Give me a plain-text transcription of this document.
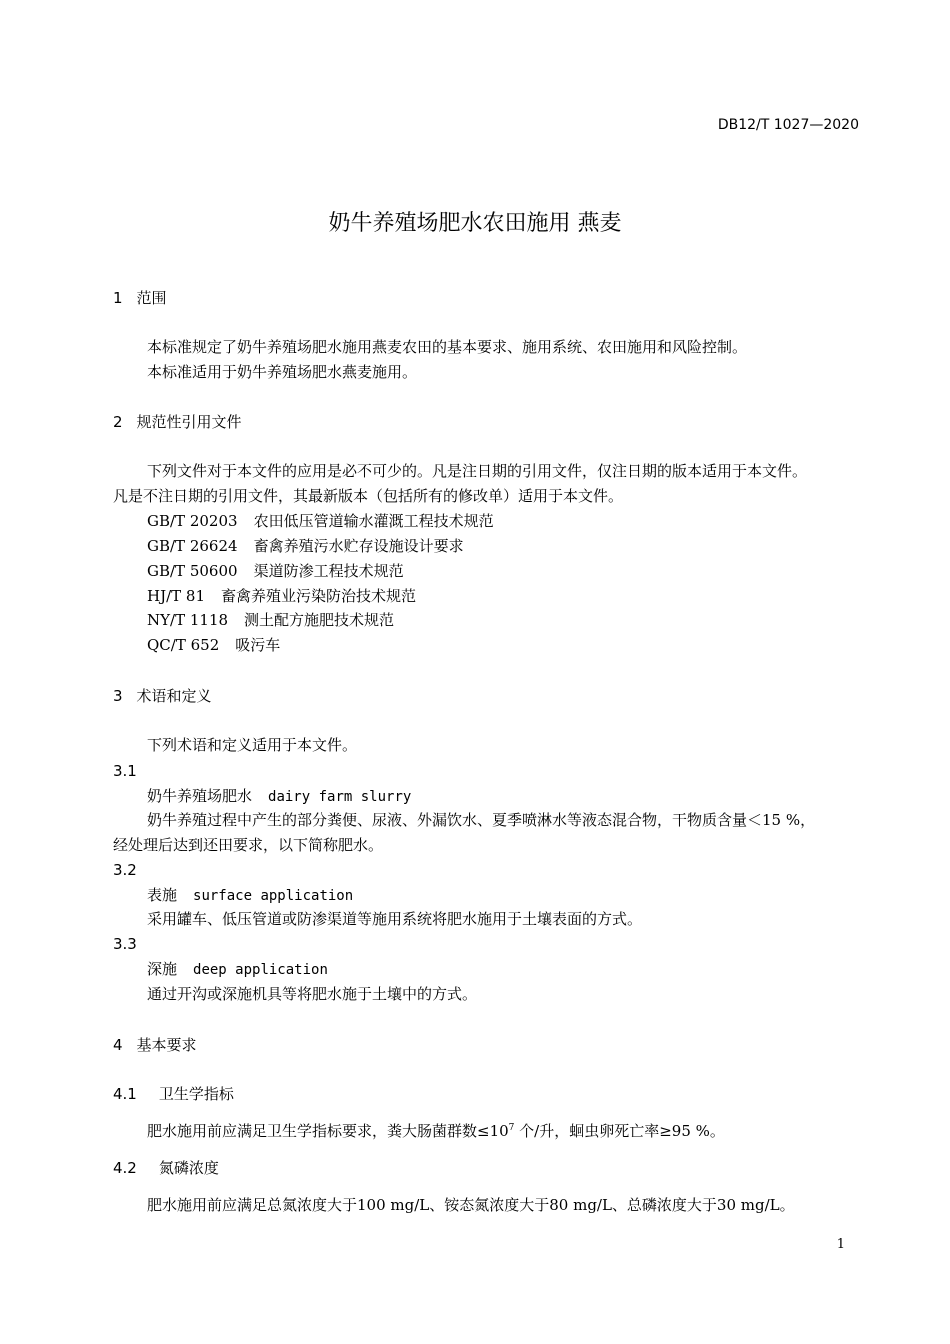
DB12/T 1027—2020
奶牛养殖场肥水农田施用 燕麦
1 范围
本标准规定了奶牛养殖场肥水施用燕麦农田的基本要求、施用系统、农田施用和风险控制。
本标准适用于奶牛养殖场肥水燕麦施用。
2 规范性引用文件
下列文件对于本文件的应用是必不可少的。凡是注日期的引用文件，仅注日期的版本适用于本文件。
凡是不注日期的引用文件，其最新版本（包括所有的修改单）适用于本文件。
GB/T 20203 农田低压管道输水灌溉工程技术规范
GB/T 26624 畜禽养殖污水贮存设施设计要求
GB/T 50600 渠道防渗工程技术规范
HJ/T 81 畜禽养殖业污染防治技术规范
NY/T 1118 测土配方施肥技术规范
QC/T 652 吸污车
3 术语和定义
下列术语和定义适用于本文件。
3.1
奶牛养殖场肥水 dairy farm slurry
奶牛养殖过程中产生的部分粪便、尿液、外漏饮水、夏季喷淋水等液态混合物，干物质含量＜15 %，
经处理后达到还田要求，以下简称肥水。
3.2
表施 surface application
采用罐车、低压管道或防渗渠道等施用系统将肥水施用于土壤表面的方式。
3.3
深施 deep application
通过开沟或深施机具等将肥水施于土壤中的方式。
4 基本要求
4.1 卫生学指标
肥水施用前应满足卫生学指标要求，粪大肠菌群数$\le 10^7$ 个/升，蛔虫卵死亡率≥95 %。
4.2 氮磷浓度
肥水施用前应满足总氮浓度大于100 mg/L、铵态氮浓度大于80 mg/L、总磷浓度大于30 mg/L。
1
